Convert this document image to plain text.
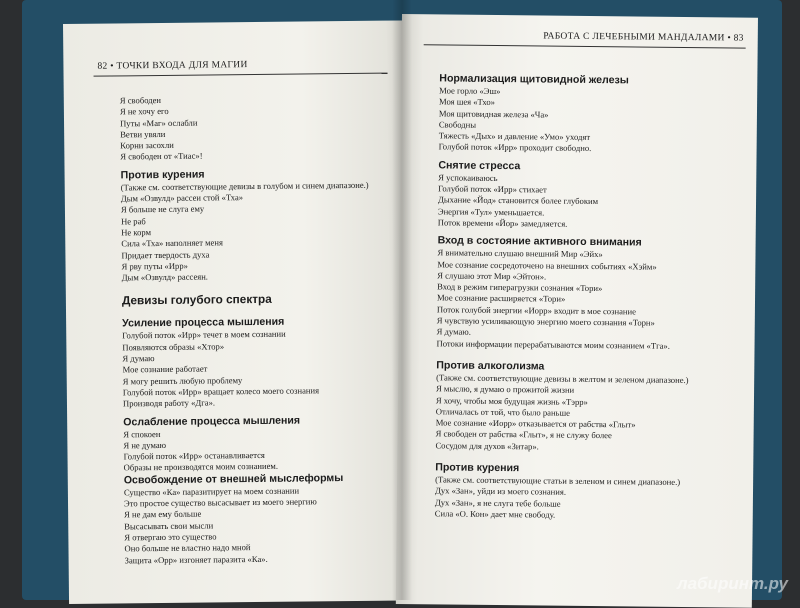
82 • ТОЧКИ ВХОДА ДЛЯ МАГИИ
Я свободен
Я не хочу его
Путы «Маг» ослабли
Ветви увяли
Корни засохли
Я свободен от «Тиас»!
Против курения
(Также см. соответствующие девизы в голубом и синем диапазоне.)
Дым «Озвулд» рассеи стой «Тха»
Я больше не слуга ему
Не раб
Не корм
Сила «Тха» наполняет меня
Придает твердость духа
Я рву путы «Ирр»
Дым «Озвулд» рассеян.
Девизы голубого спектра
Усиление процесса мышления
Голубой поток «Ирр» течет в моем сознании
Появляются образы «Хтор»
Я думаю
Мое сознание работает
Я могу решить любую проблему
Голубой поток «Ирр» вращает колесо моего сознания
Производя работу «Дга».
Ослабление процесса мышления
Я спокоен
Я не думаю
Голубой поток «Ирр» останавливается
Образы не производятся моим сознанием.
Освобождение от внешней мыслеформы
Существо «Ка» паразитирует на моем сознании
Это простое существо высасывает из моего энергию
Я не дам ему больше
Высасывать свои мысли
Я отвергаю это существо
Оно больше не властно надо мной
Защита «Орр» изгоняет паразита «Ка».
РАБОТА С ЛЕЧЕБНЫМИ МАНДАЛАМИ • 83
Нормализация щитовидной железы
Мое горло «Эш»
Моя шея «Тхо»
Моя щитовидная железа «Ча»
Свободны
Тяжесть «Дых» и давление «Умо» уходят
Голубой поток «Ирр» проходит свободно.
Снятие стресса
Я успокаиваюсь
Голубой поток «Ирр» стихает
Дыхание «Йод» становится более глубоким
Энергия «Тул» уменьшается.
Поток времени «Йор» замедляется.
Вход в состояние активного внимания
Я внимательно слушаю внешний Мир «Эйх»
Мое сознание сосредоточено на внешних событиях «Хэйм»
Я слушаю этот Мир «Эйтон».
Вход в режим гиперагрузки сознания «Тори»
Мое сознание расширяется «Тори»
Поток голубой энергии «Иорр» входит в мое сознание
Я чувствую усиливающую энергию моего сознания «Торн»
Я думаю.
Потоки информации перерабатываются моим сознанием «Тга».
Против алкоголизма
(Также см. соответствующие девизы в желтом и зеленом диапазоне.)
Я мыслю, я думаю о прожитой жизни
Я хочу, чтобы моя будущая жизнь «Тэрр»
Отличалась от той, что было раньше
Мое сознание «Иорр» отказывается от рабства «Глыт»
Я свободен от рабства «Глыт», я не служу более
Сосудом для духов «Зитар».
Против курения
(Также см. соответствующие статьи в зеленом и синем диапазоне.)
Дух «Зан», уйди из моего сознания.
Дух «Зан», я не слуга тебе больше
Сила «О. Кон» дает мне свободу.
лабиринт.ру
